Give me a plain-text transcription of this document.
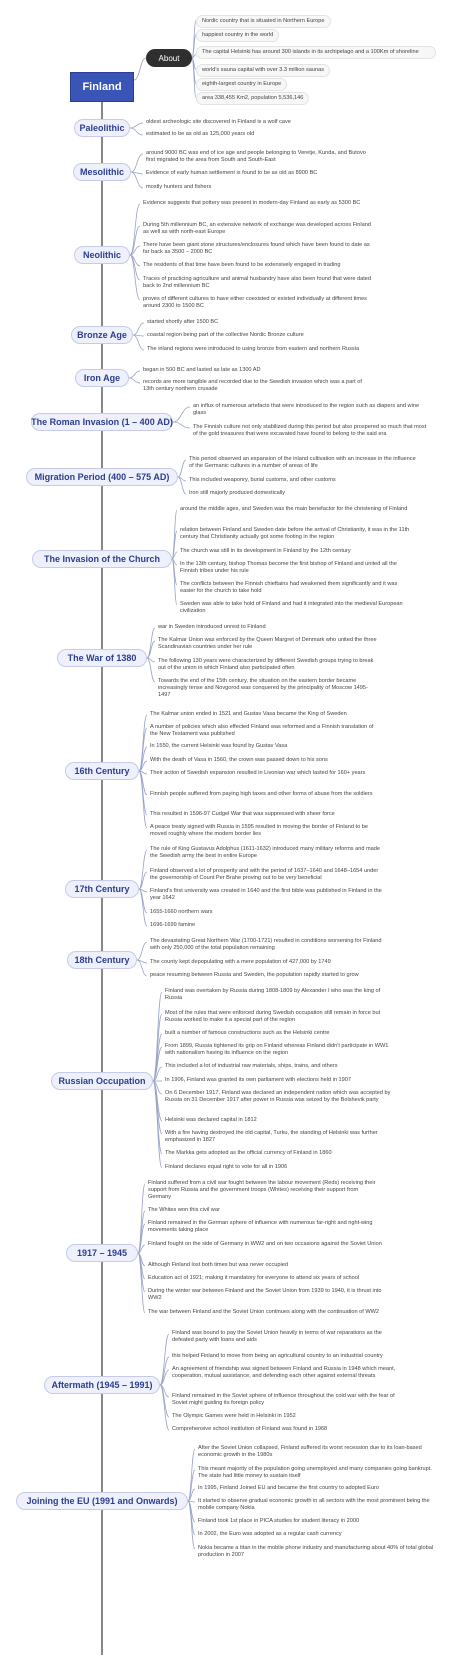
Finland
About
Nordic country that is situated in Northern Europe
happiest country in the world
The capital Helsinki has around 300 islands in its archipelago and a 100Km of shoreline
world's sauna capital with over 3.3 million saunas
eighth-largest country in Europe
area 338,455 Km2, population 5,536,146
Paleolithic
oldest archeologic site discovered in Finland is a wolf cave
estimated to be as old as 125,000 years old
Mesolithic
around 9000 BC was end of ice age and people belonging to Veretje, Kunda, and Butovo first migrated to the area from South and South-East
Evidence of early human settlement is found to be as old as 8900 BC
mostly hunters and fishers
Neolithic
Evidence suggests that pottery was present in modern-day Finland as early as 5300 BC
During 5th millennium BC, an extensive network of exchange was developed across Finland as well as with north-east Europe
There have been giant stone structures/enclosures found which have been found to date as far back as 3500 – 2000 BC
The residents of that time have been found to be extensively engaged in trading
Traces of practicing agriculture and animal husbandry have also been found that were dated back to 2nd millennium BC
proves of different cultures to have either coexisted or existed individually at different times around 2300 to 1500 BC
Bronze Age
started shortly after 1500 BC
coastal region being part of the collective Nordic Bronze culture
The inland regions were introduced to using bronze from eastern and northern Russia
Iron Age
began in 500 BC and lasted as late as 1300 AD
records are more tangible and recorded due to the Swedish invasion which was a part of 13th century northern crusade
The Roman Invasion (1 – 400 AD)
an influx of numerous artefacts that were introduced to the region such as diapers and wine glass
The Finnish culture not only stabilized during this period but also prospered so much that most of the gold treasures that were excavated have found to belong to the said era
Migration Period (400 – 575 AD)
This period observed an expansion of the inland cultivation with an increase in the influence of the Germanic cultures in a number of areas of life
This included weaponry, burial customs, and other customs
Iron still majorly produced domestically
The Invasion of the Church
around the middle ages, and Sweden was the main benefactor for the christening of Finland
relation between Finland and Sweden date before the arrival of Christianity, it was in the 11th century that Christianity actually got some footing in the region
The church was still in its development in Finland by the 12th century
In the 13th century, bishop Thomas become the first bishop of Finland and united all the Finnish tribes under his rule
The conflicts between the Finnish chieftains had weakened them significantly and it was easier for the church to take hold
Sweden was able to take hold of Finland and had it integrated into the medieval European civilization
The War of 1380
war in Sweden introduced unrest to Finland
The Kalmar Union was enforced by the Queen Margret of Denmark who united the three Scandinavian countries under her rule
The following 130 years were characterized by different Swedish groups trying to break out of the union in which Finland also participated often
Towards the end of the 15th century, the situation on the eastern border became increasingly tense and Novgorod was conquered by the principality of Moscow 1495-1497
16th Century
The Kalmar union ended in 1521 and Gustav Vasa became the King of Sweden
A number of policies which also effected Finland was reformed and a Finnish translation of the New Testament was published
In 1550, the current Helsinki was found by Gustav Vasa
With the death of Vasa in 1560, the crown was passed down to his sons
Their action of Swedish expansion resulted in Livonian war which lasted for 160+ years
Finnish people suffered from paying high taxes and other forms of abuse from the soldiers
This resulted in 1596-97 Cudgel War that was suppressed with sheer force
A peace treaty signed with Russia in 1595 resulted in moving the border of Finland to be moved roughly where the modern border lies
17th Century
The rule of King Gustavus Adolphus (1611-1632) introduced many military reforms and made the Swedish army the best in entire Europe
Finland observed a lot of prosperity and with the period of 1637–1640 and 1648–1654 under the governorship of Count Per Brahe proving out to be very beneficial
Finland's first university was created in 1640 and the first bible was published in Finland in the year 1642
1655-1660 northern wars
1696-1699 famine
18th Century
The devastating Great Northern War (1700-1721) resulted in conditions worsening for Finland with only 250,000 of the total population remaining
The county kept depopulating with a mere population of 427,000 by 1749
peace resuming between Russia and Sweden, the population rapidly started to grow
Russian Occupation
Finland was overtaken by Russia during 1808-1809 by Alexander I who was the king of Russia
Most of the rules that were enforced during Swedish occupation still remain in force but Russia worked to make it a special part of the region
built a number of famous constructions such as the Helsinki centre
From 1899, Russia tightened its grip on Finland whereas Finland didn't participate in WW1 with nationalism having its influence on the region
This included a lot of industrial raw materials, ships, trains, and others
In 1906, Finland was granted its own parliament with elections held in 1907
On 6 December 1917, Finland was declared an independent nation which was accepted by Russia on 31 December 1917 after power in Russia was seized by the Bolshevik party
Helsinki was declared capital in 1812
With a fire having destroyed the old capital, Turku, the standing of Helsinki was further emphasized in 1827
The Markka gets adopted as the official currency of Finland in 1860
Finland declares equal right to vote for all in 1906
1917 – 1945
Finland suffered from a civil war fought between the labour movement (Reds) receiving their support from Russia and the government troops (Whites) receiving their support from Germany
The Whites won this civil war
Finland remained in the German sphere of influence with numerous far-right and right-wing movements taking place
Finland fought on the side of Germany in WW2 and on two occasions against the Soviet Union
Although Finland lost both times but was never occupied
Education act of 1921; making it mandatory for everyone to attend six years of school
During the winter war between Finland and the Soviet Union from 1939 to 1940, it is thrust into WW2
The war between Finland and the Soviet Union continues along with the continuation of WW2
Aftermath (1945 – 1991)
Finland was bound to pay the Soviet Union heavily in terms of war reparations as the defeated party with loans and aids
this helped Finland to move from being an agricultural country to an industrial country
An agreement of friendship was signed between Finland and Russia in 1948 which meant, cooperation, mutual assistance, and defending each other against external threats
Finland remained in the Soviet sphere of influence throughout the cold war with the fear of Soviet might guiding its foreign policy
The Olympic Games were held in Helsinki in 1952
Comprehensive school institution of Finland was found in 1968
Joining the EU (1991 and Onwards)
After the Soviet Union collapsed, Finland suffered its worst recession due to its loan-based economic growth in the 1980s
This meant majority of the population going unemployed and many companies going bankrupt. The state had little money to sustain itself
In 1995, Finland Joined EU and became the first country to adopted Euro
It started to observe gradual economic growth in all sectors with the most prominent being the mobile company Nokia
Finland took 1st place in PICA studies for student literacy in 2000
In 2002, the Euro was adopted as a regular cash currency
Nokia became a titan in the mobile phone industry and manufacturing about 40% of total global production in 2007
